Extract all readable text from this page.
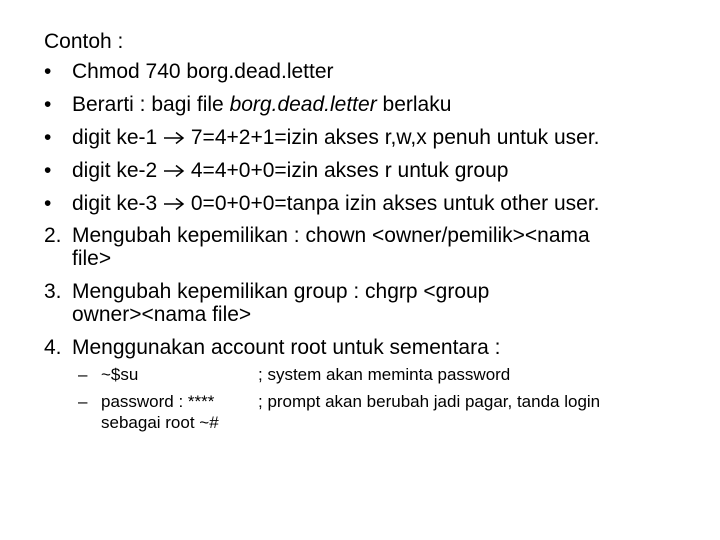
Contoh :
• Chmod 740 borg.dead.letter
• Berarti : bagi file borg.dead.letter berlaku
• digit ke-1  7=4+2+1=izin akses r,w,x penuh untuk user.
• digit ke-2  4=4+0+0=izin akses r untuk group
• digit ke-3  0=0+0+0=tanpa izin akses untuk other user.
2. Mengubah kepemilikan : chown <owner/pemilik><nama
file>
3. Mengubah kepemilikan group : chgrp <group
owner><nama file>
4. Menggunakan account root untuk sementara :
– ~$su	; system akan meminta password
– password : ****
sebagai root ~#
; prompt akan berubah jadi pagar, tanda login
